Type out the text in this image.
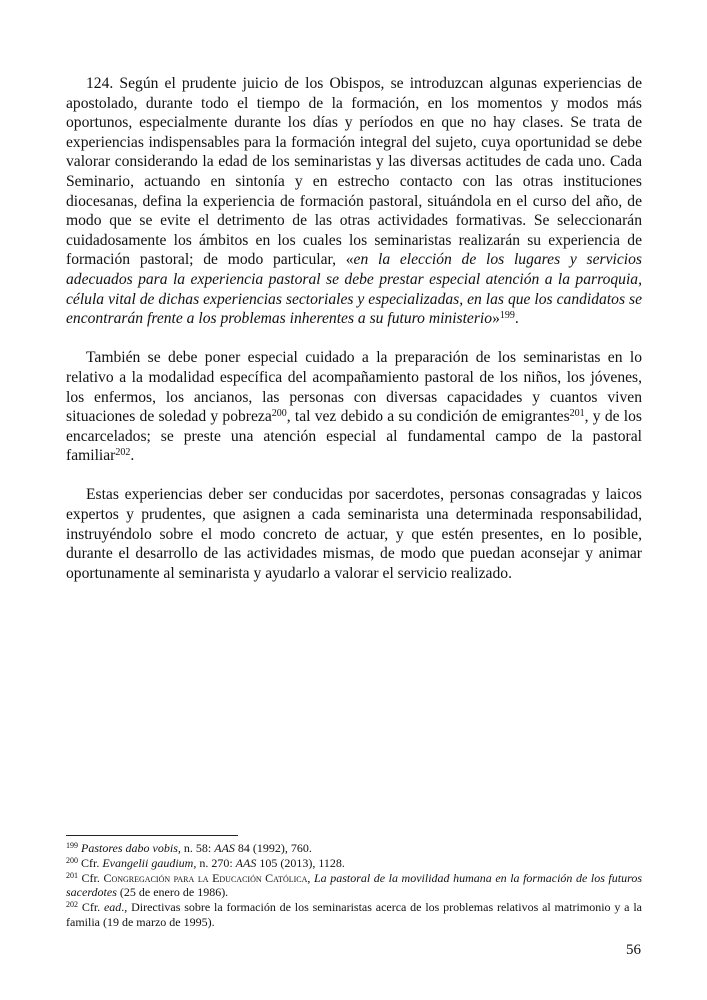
124. Según el prudente juicio de los Obispos, se introduzcan algunas experiencias de apostolado, durante todo el tiempo de la formación, en los momentos y modos más oportunos, especialmente durante los días y períodos en que no hay clases. Se trata de experiencias indispensables para la formación integral del sujeto, cuya oportunidad se debe valorar considerando la edad de los seminaristas y las diversas actitudes de cada uno. Cada Seminario, actuando en sintonía y en estrecho contacto con las otras instituciones diocesanas, defina la experiencia de formación pastoral, situándola en el curso del año, de modo que se evite el detrimento de las otras actividades formativas. Se seleccionarán cuidadosamente los ámbitos en los cuales los seminaristas realizarán su experiencia de formación pastoral; de modo particular, «en la elección de los lugares y servicios adecuados para la experiencia pastoral se debe prestar especial atención a la parroquia, célula vital de dichas experiencias sectoriales y especializadas, en las que los candidatos se encontrarán frente a los problemas inherentes a su futuro ministerio»$^{199}$.

También se debe poner especial cuidado a la preparación de los seminaristas en lo relativo a la modalidad específica del acompañamiento pastoral de los niños, los jóvenes, los enfermos, los ancianos, las personas con diversas capacidades y cuantos viven situaciones de soledad y pobreza$^{200}$, tal vez debido a su condición de emigrantes$^{201}$, y de los encarcelados; se preste una atención especial al fundamental campo de la pastoral familiar$^{202}$.

Estas experiencias deber ser conducidas por sacerdotes, personas consagradas y laicos expertos y prudentes, que asignen a cada seminarista una determinada responsabilidad, instruyéndolo sobre el modo concreto de actuar, y que estén presentes, en lo posible, durante el desarrollo de las actividades mismas, de modo que puedan aconsejar y animar oportunamente al seminarista y ayudarlo a valorar el servicio realizado.

$^{199}$ Pastores dabo vobis, n. 58: AAS 84 (1992), 760.

$^{200}$ Cfr. Evangelii gaudium, n. 270: AAS 105 (2013), 1128.

$^{201}$ Cfr. Congregación para la Educación Católica, La pastoral de la movilidad humana en la formación de los futuros sacerdotes (25 de enero de 1986).

$^{202}$ Cfr. ead., Directivas sobre la formación de los seminaristas acerca de los problemas relativos al matrimonio y a la familia (19 de marzo de 1995).

56
